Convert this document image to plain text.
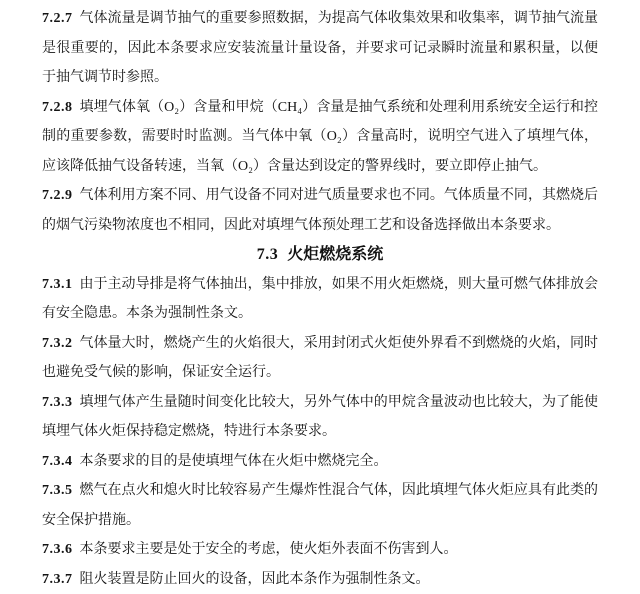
7.2.7 气体流量是调节抽气的重要参照数据，为提高气体收集效果和收集率，调节抽气流量是很重要的，因此本条要求应安装流量计量设备，并要求可记录瞬时流量和累积量，以便于抽气调节时参照。

7.2.8 填埋气体氧（O₂）含量和甲烷（CH₄）含量是抽气系统和处理利用系统安全运行和控制的重要参数，需要时时监测。当气体中氧（O₂）含量高时，说明空气进入了填埋气体，应该降低抽气设备转速，当氧（O₂）含量达到设定的警界线时，要立即停止抽气。

7.2.9 气体利用方案不同、用气设备不同对进气质量要求也不同。气体质量不同，其燃烧后的烟气污染物浓度也不相同，因此对填埋气体预处理工艺和设备选择做出本条要求。

7.3 火炬燃烧系统

7.3.1 由于主动导排是将气体抽出，集中排放，如果不用火炬燃烧，则大量可燃气体排放会有安全隐患。本条为强制性条文。

7.3.2 气体量大时，燃烧产生的火焰很大，采用封闭式火炬使外界看不到燃烧的火焰，同时也避免受气候的影响，保证安全运行。

7.3.3 填埋气体产生量随时间变化比较大，另外气体中的甲烷含量波动也比较大，为了能使填埋气体火炬保持稳定燃烧，特进行本条要求。

7.3.4 本条要求的目的是使填埋气体在火炬中燃烧完全。

7.3.5 燃气在点火和熄火时比较容易产生爆炸性混合气体，因此填埋气体火炬应具有此类的安全保护措施。

7.3.6 本条要求主要是处于安全的考虑，使火炬外表面不伤害到人。

7.3.7 阻火装置是防止回火的设备，因此本条作为强制性条文。
